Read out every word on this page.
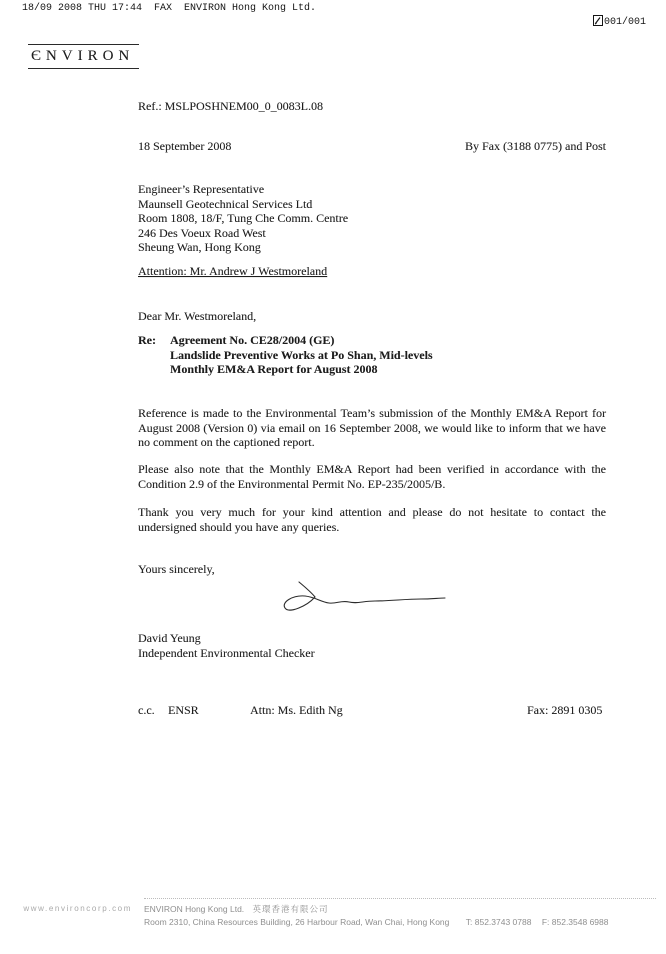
18/09 2008 THU 17:44  FAX  ENVIRON Hong Kong Ltd.

001/001
ЄNVIRON
Ref.: MSLPOSHNEM00_0_0083L.08
18 September 2008	By Fax (3188 0775) and Post
Engineer’s Representative
Maunsell Geotechnical Services Ltd
Room 1808, 18/F, Tung Che Comm. Centre
246 Des Voeux Road West
Sheung Wan, Hong Kong
Attention: Mr. Andrew J Westmoreland
Dear Mr. Westmoreland,
Re:	Agreement No. CE28/2004 (GE)
Landslide Preventive Works at Po Shan, Mid-levels
Monthly EM&A Report for August 2008

Reference is made to the Environmental Team’s submission of the Monthly EM&A Report for August 2008 (Version 0) via email on 16 September 2008, we would like to inform that we have no comment on the captioned report.

Please also note that the Monthly EM&A Report had been verified in accordance with the Condition 2.9 of the Environmental Permit No. EP-235/2005/B.

Thank you very much for your kind attention and please do not hesitate to contact the undersigned should you have any queries.

Yours sincerely,
David Yeung
Independent Environmental Checker
c.c. ENSR	Attn: Ms. Edith Ng	Fax: 2891 0305
www.environcorp.com ENVIRON Hong Kong Ltd. 英環香港有限公司
Room 2310, China Resources Building, 26 Harbour Road, Wan Chai, Hong Kong T: 852.3743 0788 F: 852.3548 6988
